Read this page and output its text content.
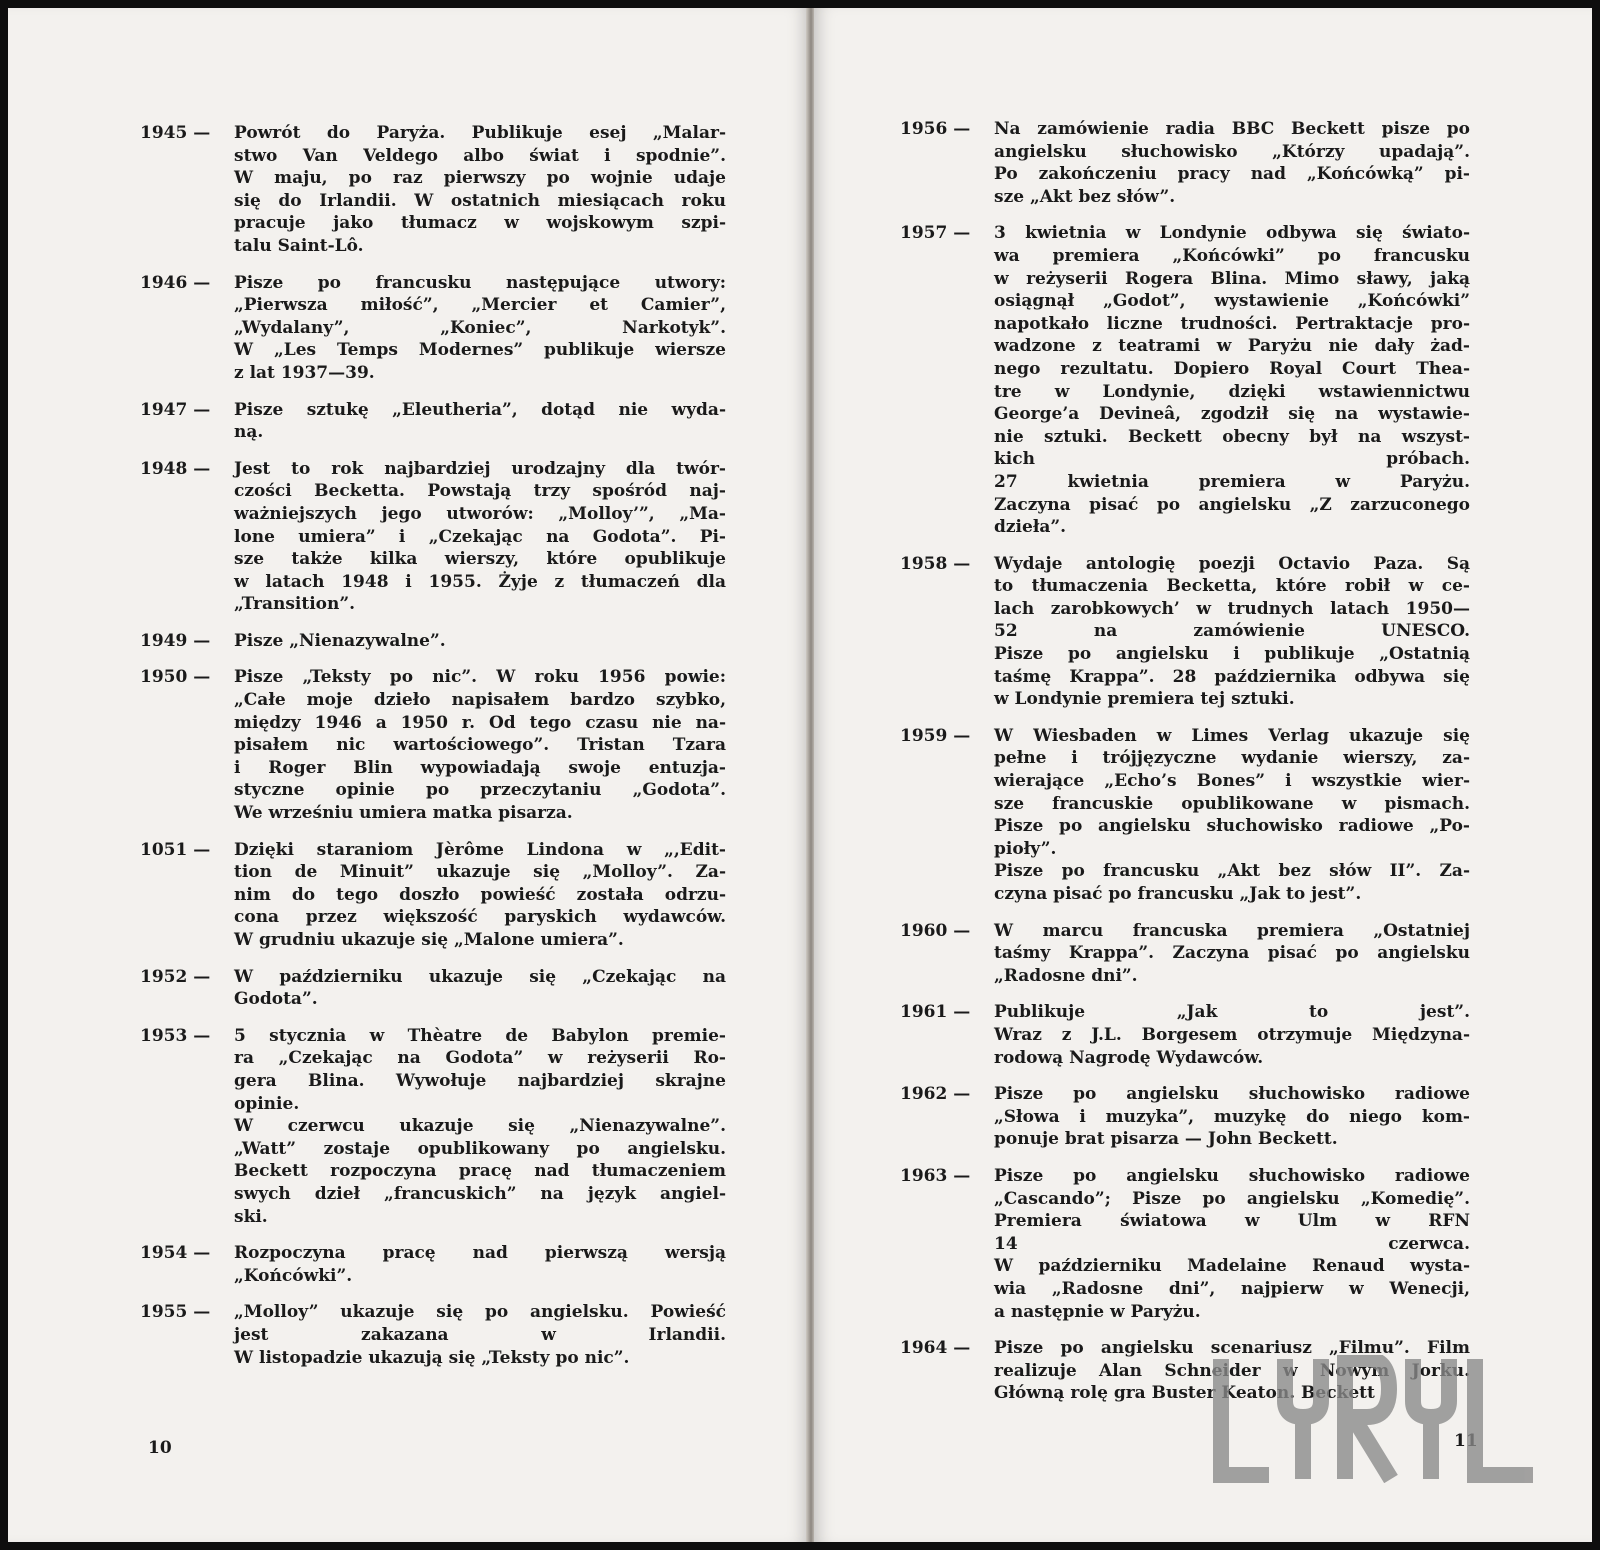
1945 —	Powrót do Paryża. Publikuje esej „Malar-
stwo Van Veldego albo świat i spodnie”.
W maju, po raz pierwszy po wojnie udaje
się do Irlandii. W ostatnich miesiącach roku
pracuje jako tłumacz w wojskowym szpi-
talu Saint-Lô.
1946 —	Pisze po francusku następujące utwory:
„Pierwsza miłość”, „Mercier et Camier”,
„Wydalany”, „Koniec”, Narkotyk”.
W „Les Temps Modernes” publikuje wiersze
z lat 1937—39.
1947 —	Pisze sztukę „Eleutheria”, dotąd nie wyda-
ną.
1948 —	Jest to rok najbardziej urodzajny dla twór-
czości Becketta. Powstają trzy spośród naj-
ważniejszych jego utworów: „Molloy’”, „Ma-
lone umiera” i „Czekając na Godota”. Pi-
sze także kilka wierszy, które opublikuje
w latach 1948 i 1955. Żyje z tłumaczeń dla
„Transition”.
1949 —	Pisze „Nienazywalne”.
1950 —	Pisze „Teksty po nic”. W roku 1956 powie:
„Całe moje dzieło napisałem bardzo szybko,
między 1946 a 1950 r. Od tego czasu nie na-
pisałem nic wartościowego”. Tristan Tzara
i Roger Blin wypowiadają swoje entuzja-
styczne opinie po przeczytaniu „Godota”.
We wrześniu umiera matka pisarza.
1051 —	Dzięki staraniom Jèrôme Lindona w „,Edit-
tion de Minuit” ukazuje się „Molloy”. Za-
nim do tego doszło powieść została odrzu-
cona przez większość paryskich wydawców.
W grudniu ukazuje się „Malone umiera”.
1952 —	W październiku ukazuje się „Czekając na
Godota”.
1953 —	5 stycznia w Thèatre de Babylon premie-
ra „Czekając na Godota” w reżyserii Ro-
gera Blina. Wywołuje najbardziej skrajne
opinie.
W czerwcu ukazuje się „Nienazywalne”.
„Watt” zostaje opublikowany po angielsku.
Beckett rozpoczyna pracę nad tłumaczeniem
swych dzieł „francuskich” na język angiel-
ski.
1954 —	Rozpoczyna pracę nad pierwszą wersją
„Końcówki”.
1955 —	„Molloy” ukazuje się po angielsku. Powieść
jest zakazana w Irlandii.
W listopadzie ukazują się „Teksty po nic”.
10
1956 —	Na zamówienie radia BBC Beckett pisze po
angielsku słuchowisko „Którzy upadają”.
Po zakończeniu pracy nad „Końcówką” pi-
sze „Akt bez słów”.
1957 —	3 kwietnia w Londynie odbywa się świato-
wa premiera „Końcówki” po francusku
w reżyserii Rogera Blina. Mimo sławy, jaką
osiągnął „Godot”, wystawienie „Końcówki”
napotkało liczne trudności. Pertraktacje pro-
wadzone z teatrami w Paryżu nie dały żad-
nego rezultatu. Dopiero Royal Court Thea-
tre w Londynie, dzięki wstawiennictwu
George’a Devineâ, zgodził się na wystawie-
nie sztuki. Beckett obecny był na wszyst-
kich próbach.
27 kwietnia premiera w Paryżu.
Zaczyna pisać po angielsku „Z zarzuconego
dzieła”.
1958 —	Wydaje antologię poezji Octavio Paza. Są
to tłumaczenia Becketta, które robił w ce-
lach zarobkowych’ w trudnych latach 1950—
52 na zamówienie UNESCO.
Pisze po angielsku i publikuje „Ostatnią
taśmę Krappa”. 28 października odbywa się
w Londynie premiera tej sztuki.
1959 —	W Wiesbaden w Limes Verlag ukazuje się
pełne i trójjęzyczne wydanie wierszy, za-
wierające „Echo’s Bones” i wszystkie wier-
sze francuskie opublikowane w pismach.
Pisze po angielsku słuchowisko radiowe „Po-
pioły”.
Pisze po francusku „Akt bez słów II”. Za-
czyna pisać po francusku „Jak to jest”.
1960 —	W marcu francuska premiera „Ostatniej
taśmy Krappa”. Zaczyna pisać po angielsku
„Radosne dni”.
1961 —	Publikuje „Jak to jest”.
Wraz z J.L. Borgesem otrzymuje Międzyna-
rodową Nagrodę Wydawców.
1962 —	Pisze po angielsku słuchowisko radiowe
„Słowa i muzyka”, muzykę do niego kom-
ponuje brat pisarza — John Beckett.
1963 —	Pisze po angielsku słuchowisko radiowe
„Cascando”; Pisze po angielsku „Komedię”.
Premiera światowa w Ulm w RFN
14 czerwca.
W październiku Madelaine Renaud wysta-
wia „Radosne dni”, najpierw w Wenecji,
a następnie w Paryżu.
1964 —	Pisze po angielsku scenariusz „Filmu”. Film
realizuje Alan Schneider w Nowym Jorku.
Główną rolę gra Buster Keaton. Beckett
11
